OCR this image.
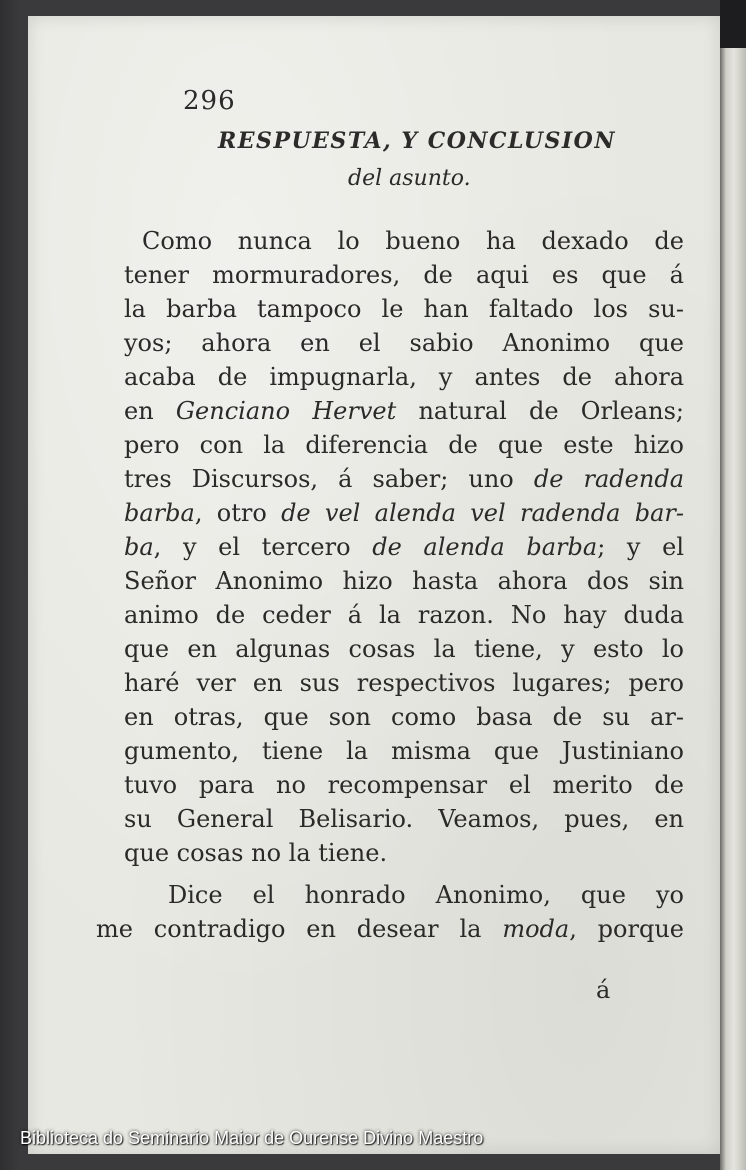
296
RESPUESTA, Y CONCLUSION
del asunto.
Como nunca lo bueno ha dexado de
tener mormuradores, de aqui es que á
la barba tampoco le han faltado los su-
yos; ahora en el sabio Anonimo que
acaba de impugnarla, y antes de ahora
en Genciano Hervet natural de Orleans;
pero con la diferencia de que este hizo
tres Discursos, á saber; uno de radenda
barba, otro de vel alenda vel radenda bar-
ba, y el tercero de alenda barba; y el
Señor Anonimo hizo hasta ahora dos sin
animo de ceder á la razon. No hay duda
que en algunas cosas la tiene, y esto lo
haré ver en sus respectivos lugares; pero
en otras, que son como basa de su ar-
gumento, tiene la misma que Justiniano
tuvo para no recompensar el merito de
su General Belisario. Veamos, pues, en
que cosas no la tiene.
Dice el honrado Anonimo, que yo
me contradigo en desear la moda, porque
á
Biblioteca do Seminario Maior de Ourense Divino Maestro
